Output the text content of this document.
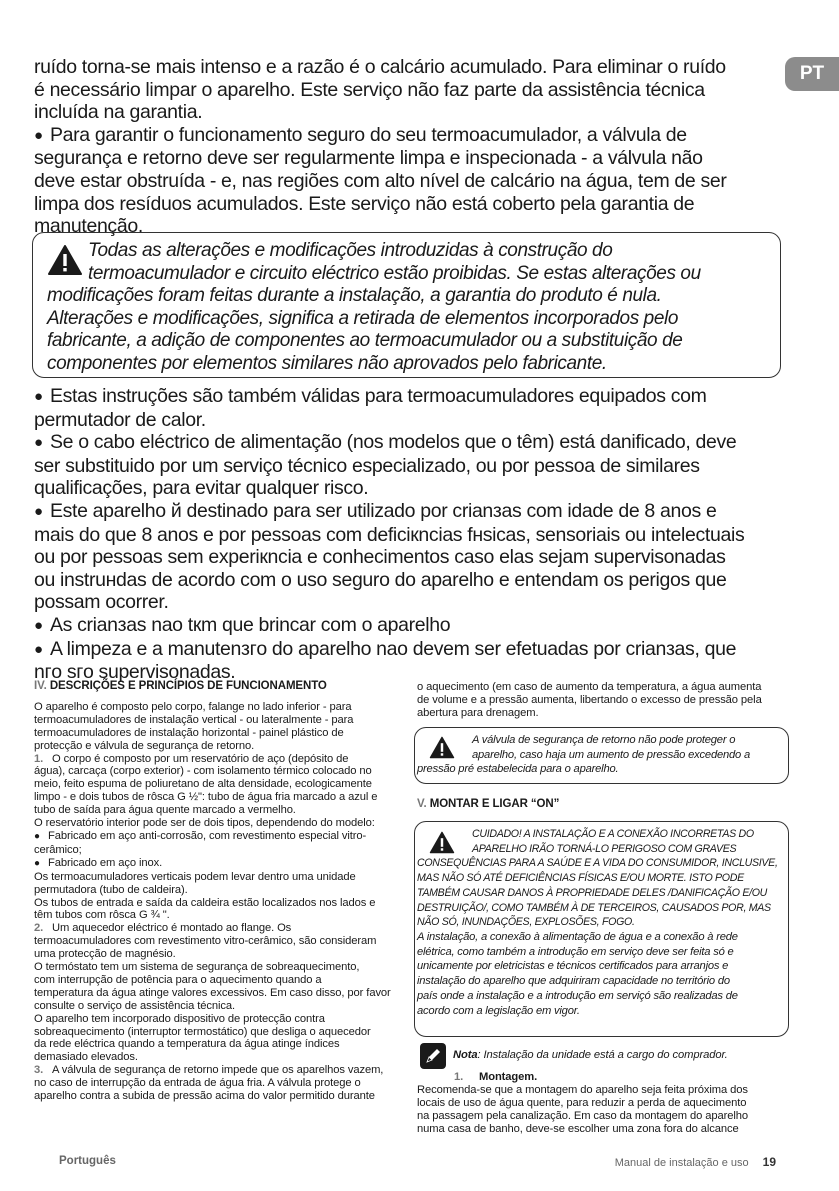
PT
ruído torna-se mais intenso e a razão é o calcário acumulado. Para eliminar o ruído
é necessário limpar o aparelho. Este serviço não faz parte da assistência técnica
incluída na garantia.
● Para garantir o funcionamento seguro do seu termoacumulador, a válvula de
segurança e retorno deve ser regularmente limpa e inspecionada - a válvula não
deve estar obstruída - e, nas regiões com alto nível de calcário na água, tem de ser
limpa dos resíduos acumulados. Este serviço não está coberto pela garantia de
manutenção.

Todas as alterações e modificações introduzidas à construção do

termoacumulador e circuito eléctrico estão proibidas. Se estas alterações ou

modificações foram feitas durante a instalação, a garantia do produto é nula.

Alterações e modificações, significa a retirada de elementos incorporados pelo

fabricante, a adição de componentes ao termoacumulador ou a substituição de

componentes por elementos similares não aprovados pelo fabricante.

● Estas instruções são também válidas para termoacumuladores equipados com
permutador de calor.
● Se o cabo eléctrico de alimentação (nos modelos que o têm) está danificado, deve
ser substituido por um serviço técnico especializado, ou por pessoa de similares
qualificações, para evitar qualquer risco.
● Este aparelho й destinado para ser utilizado por crianзas com idade de 8 anos e
mais do que 8 anos e por pessoas com deficiкncias fнsicas, sensoriais ou intelectuais
ou por pessoas sem experiкncia e conhecimentos caso elas sejam supervisonadas
ou instruнdas de acordo com o uso seguro do aparelho e entendam os perigos que
possam ocorrer.
● As crianзas nao tкm que brincar com o aparelho
● A limpeza e a manutenзгo do aparelho nao devem ser efetuadas por crianзas, que
nгo sгo supervisonadas.

IV. DESCRIÇÕES E PRINCÍPIOS DE FUNCIONAMENTO

O aparelho é composto pelo corpo, falange no lado inferior - para

termoacumuladores de instalação vertical - ou lateralmente - para

termoacumuladores de instalação horizontal - painel plástico de

protecção e válvula de segurança de retorno.

1. O corpo é composto por um reservatório de aço (depósito de

água), carcaça (corpo exterior) - com isolamento térmico colocado no

meio, feito espuma de poliuretano de alta densidade, ecologicamente

limpo - e dois tubos de rôsca G ½": tubo de água fria marcado a azul e

tubo de saída para água quente marcado a vermelho.

O reservatório interior pode ser de dois tipos, dependendo do modelo:

● Fabricado em aço anti-corrosão, com revestimento especial vitro-

cerâmico;

● Fabricado em aço inox.

Os termoacumuladores verticais podem levar dentro uma unidade

permutadora (tubo de caldeira).

Os tubos de entrada e saída da caldeira estão localizados nos lados e

têm tubos com rôsca G ¾ ".

2. Um aquecedor eléctrico é montado ao flange. Os

termoacumuladores com revestimento vitro-cerâmico, são consideram

uma protecção de magnésio.

O termóstato tem um sistema de segurança de sobreaquecimento,

com interrupção de potência para o aquecimento quando a

temperatura da água atinge valores excessivos. Em caso disso, por favor

consulte o serviço de assistência técnica.

O aparelho tem incorporado dispositivo de protecção contra

sobreaquecimento (interruptor termostático) que desliga o aquecedor

da rede eléctrica quando a temperatura da água atinge índices

demasiado elevados.

3. A válvula de segurança de retorno impede que os aparelhos vazem,

no caso de interrupção da entrada de água fria. A válvula protege o

aparelho contra a subida de pressão acima do valor permitido durante

o aquecimento (em caso de aumento da temperatura, a água aumenta

de volume e a pressão aumenta, libertando o excesso de pressão pela

abertura para drenagem.

A válvula de segurança de retorno não pode proteger o

aparelho, caso haja um aumento de pressão excedendo a

pressão pré estabelecida para o aparelho.

V. MONTAR E LIGAR “ON”

CUIDADO! A INSTALAÇÃO E A CONEXÃO INCORRETAS DO

APARELHO IRÃO TORNÁ-LO PERIGOSO COM GRAVES

CONSEQUÊNCIAS PARA A SAÚDE E A VIDA DO CONSUMIDOR, INCLUSIVE,

MAS NÃO SÓ ATÉ DEFICIÊNCIAS FÍSICAS E/OU MORTE. ISTO PODE

TAMBÉM CAUSAR DANOS À PROPRIEDADE DELES /DANIFICAÇÃO E/OU

DESTRUIÇÃO/, COMO TAMBÉM À DE TERCEIROS, CAUSADOS POR, MAS

NÃO SÓ, INUNDAÇÕES, EXPLOSÕES, FOGO.

A instalação, a conexão à alimentação de água e a conexão à rede

elétrica, como também a introdução em serviço deve ser feita só e

unicamente por eletricistas e técnicos certificados para arranjos e

instalação do aparelho que adquiriram capacidade no território do

país onde a instalação e a introdução em serviçó são realizadas de

acordo com a legislação em vigor.

Nota: Instalação da unidade está a cargo do comprador.

1. Montagem.

Recomenda-se que a montagem do aparelho seja feita próxima dos

locais de uso de água quente, para reduzir a perda de aquecimento

na passagem pela canalização. Em caso da montagem do aparelho

numa casa de banho, deve-se escolher uma zona fora do alcance

Português	Manual de instalação e uso 19
